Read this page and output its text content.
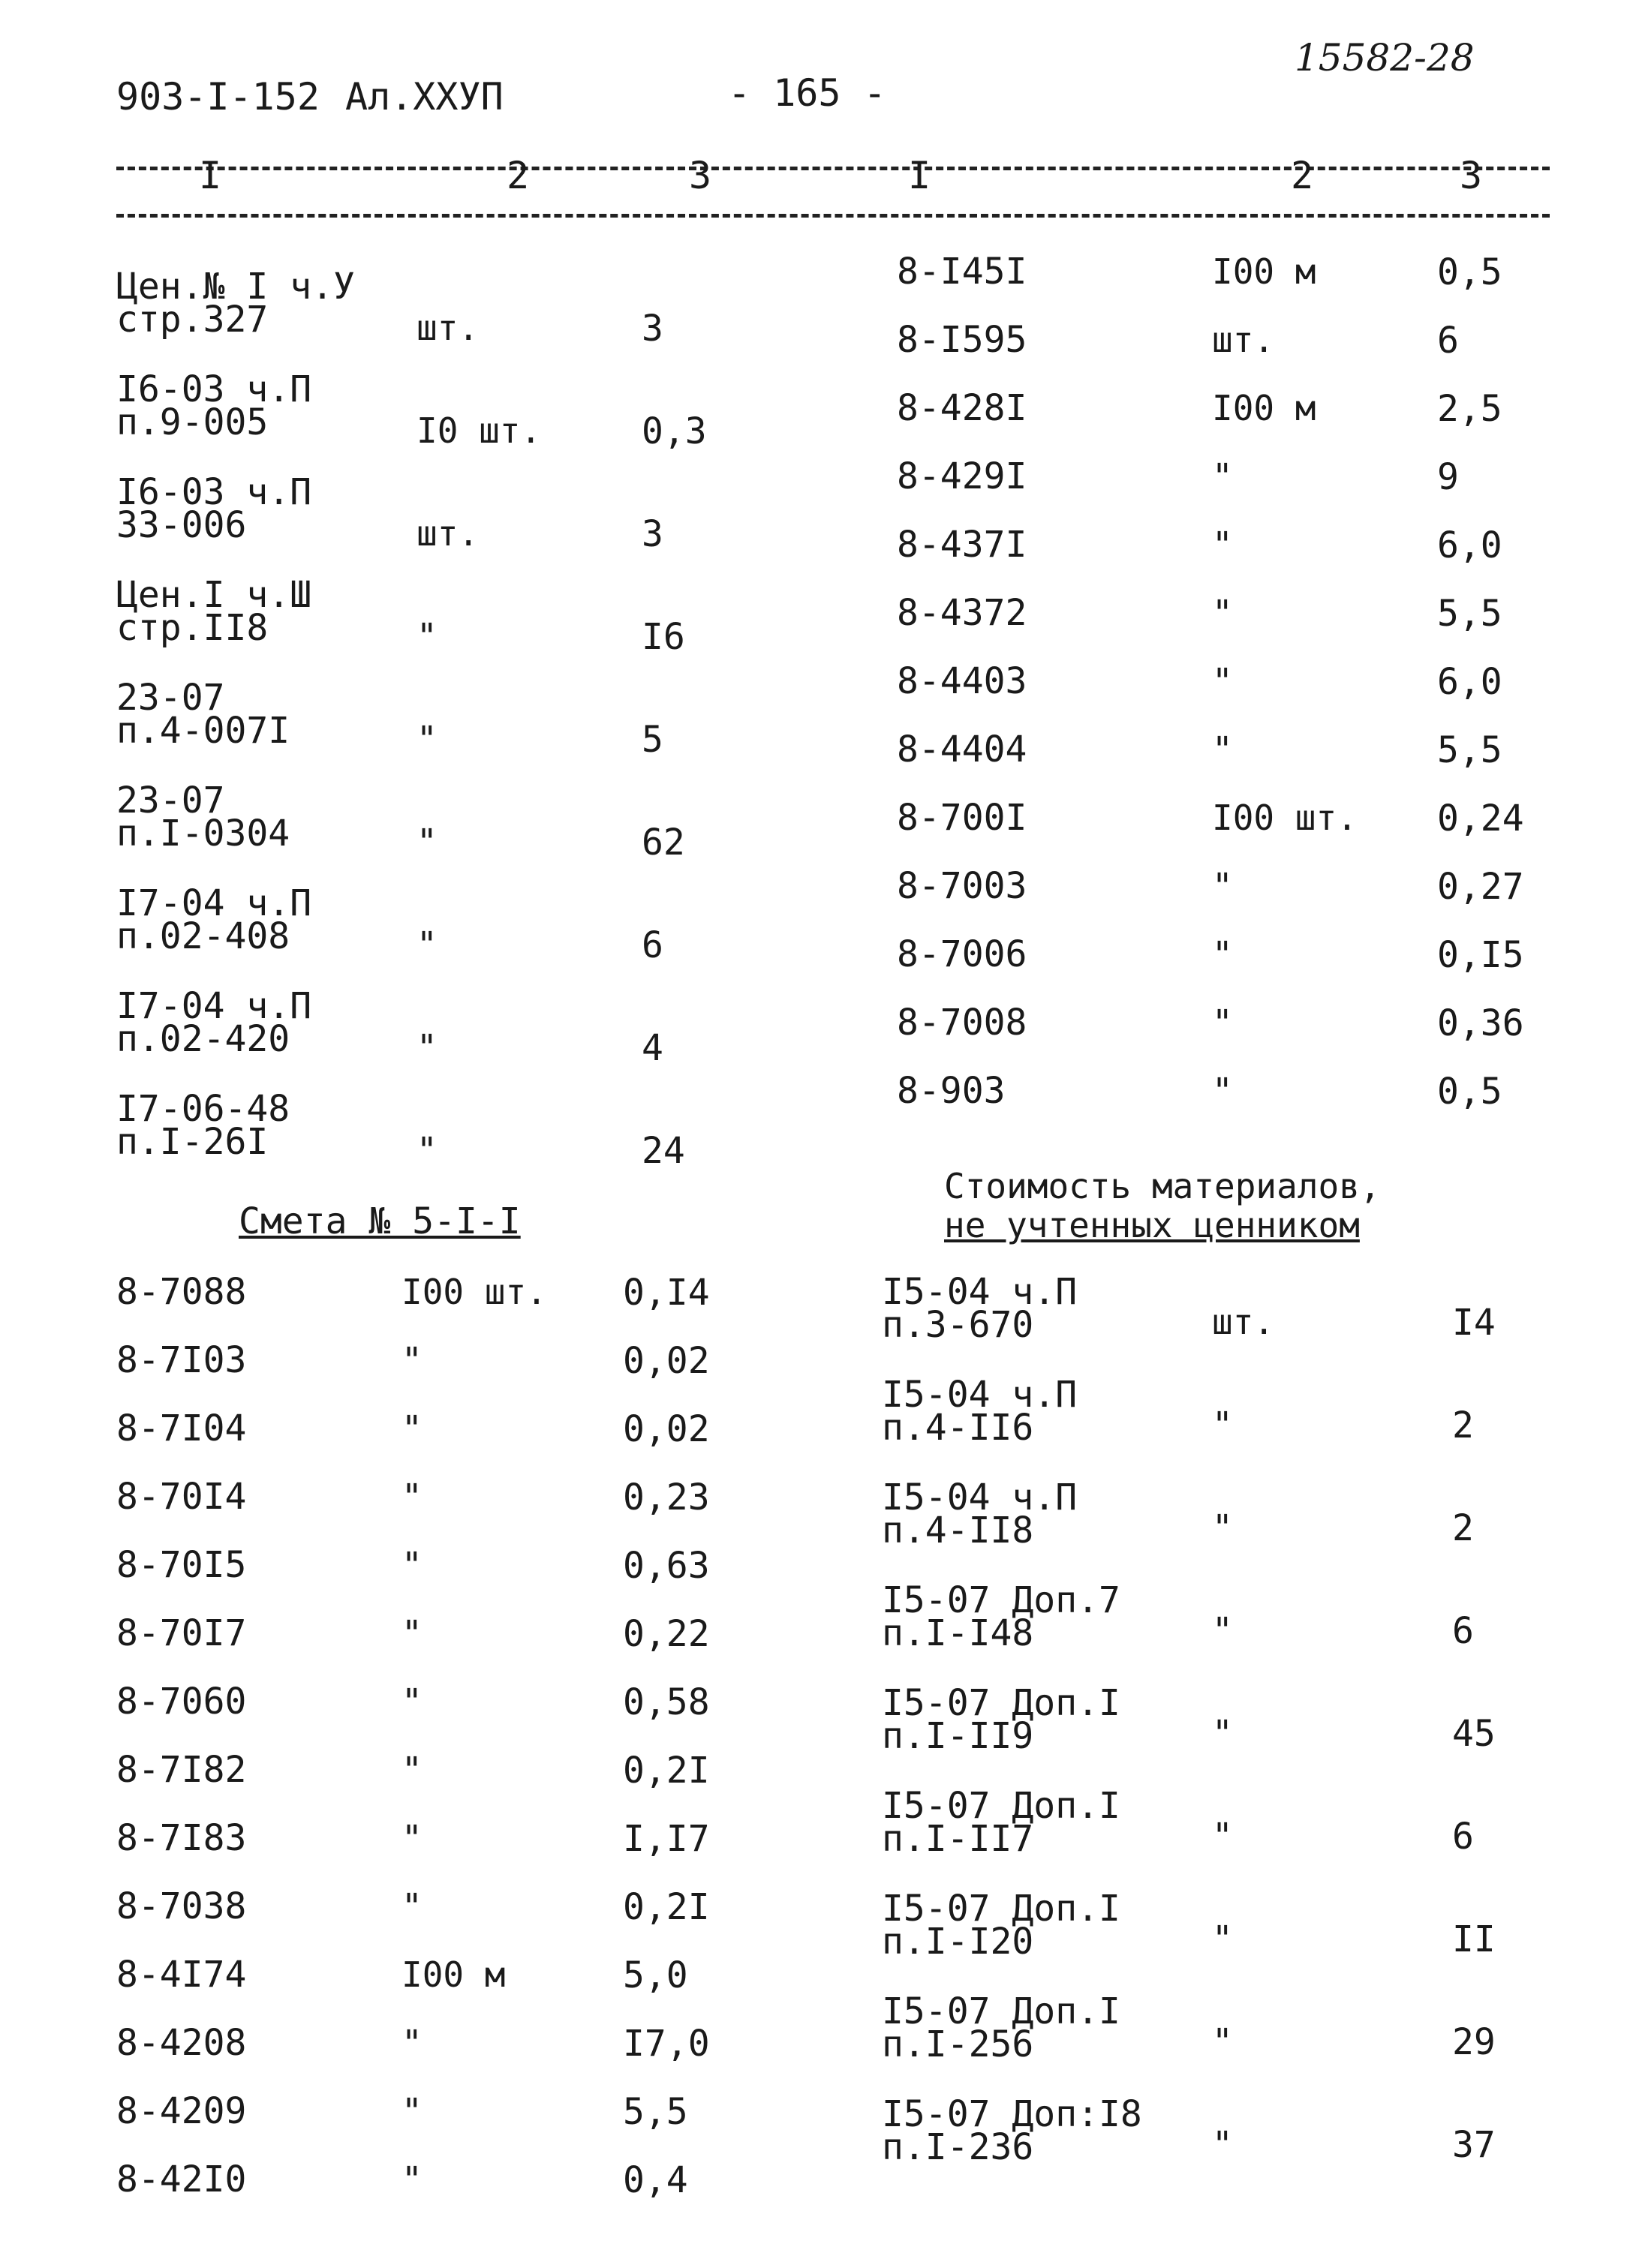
903-I-152 Ал.XXУП	- 165 -
15582-28
I	2	3	I	2	3
Цен.№ I ч.У
стр.327	шт.	3
I6-03 ч.П
п.9-005	I0 шт.	0,3
I6-03 ч.П
33-006	шт.	3
Цен.I ч.Ш
стр.II8	"	I6
23-07
п.4-007I	"	5
23-07
п.I-0304	"	62
I7-04 ч.П
п.02-408	"	6
I7-04 ч.П
п.02-420	"	4
I7-06-48
п.I-26I	"	24
Смета № 5-I-I
8-7088	I00 шт. 0,I4
8-7I03	"	0,02
8-7I04	"	0,02
8-70I4	"	0,23
8-70I5	"	0,63
8-70I7	"	0,22
8-7060	"	0,58
8-7I82	"	0,2I
8-7I83	"	I,I7
8-7038	"	0,2I
8-4I74	I00 м	5,0
8-4208	"	I7,0
8-4209	"	5,5
8-42I0	"	0,4
8-I45I	I00 м	0,5
8-I595	шт.	6
8-428I	I00 м	2,5
8-429I	"	9
8-437I	"	6,0
8-4372	"	5,5
8-4403	"	6,0
8-4404	"	5,5
8-700I	I00 шт. 0,24
8-7003	"	0,27
8-7006	"	0,I5
8-7008	"	0,36
8-903	"	0,5
Стоимость материалов,
не учтенных ценником
I5-04 ч.П
п.3-670	шт.	I4
I5-04 ч.П
п.4-II6	"	2
I5-04 ч.П
п.4-II8	"	2
I5-07 Доп.7
п.I-I48	"	6
I5-07 Доп.I
п.I-II9	"	45
I5-07 Доп.I
п.I-II7	"	6
I5-07 Доп.I
п.I-I20	"	II
I5-07 Доп.I
п.I-256	"	29
I5-07 Доп:I8
п.I-236	"	37
